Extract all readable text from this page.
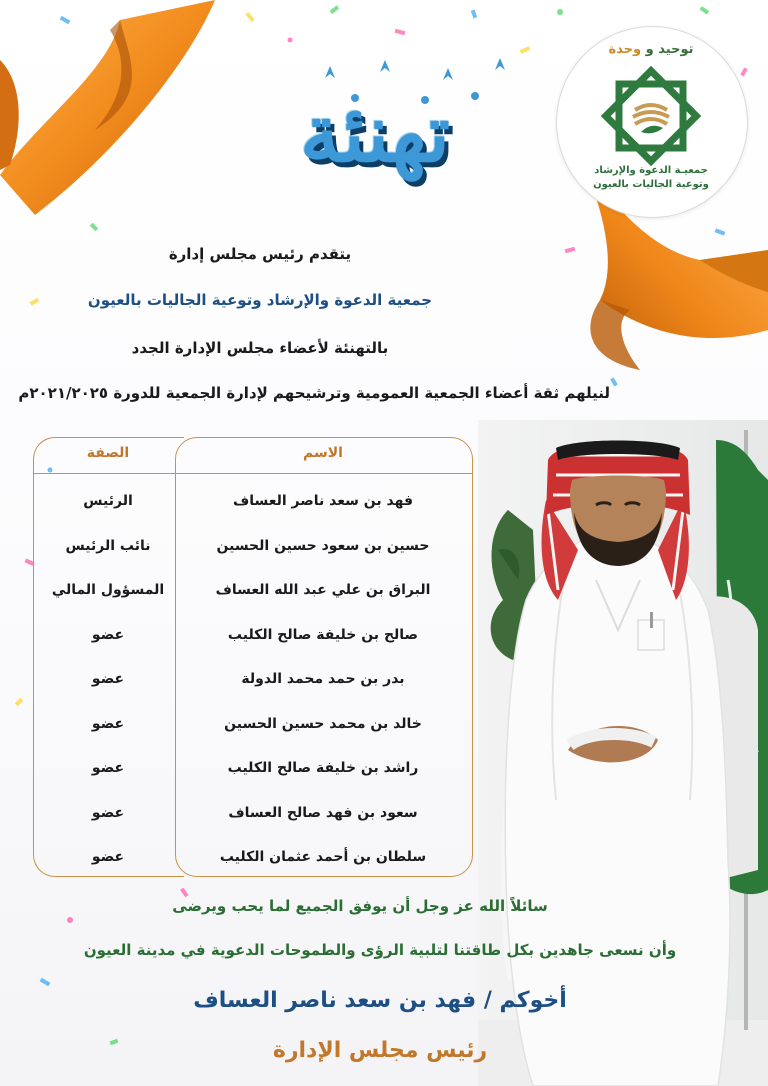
توحيد و وحدة
جمعيـة الدعوة والإرشاد
وتوعية الجاليات بالعيون
تهنئة
يتقدم رئيس مجلس إدارة
جمعية الدعوة والإرشاد وتوعية الجاليات بالعيون
بالتهنئة لأعضاء مجلس الإدارة الجدد
لنيلهم ثقة أعضاء الجمعية العمومية وترشيحهم لإدارة الجمعية للدورة ٢٠٢١/٢٠٢٥م
الاسم
الصفة
فهد بن سعد ناصر العساف
الرئيس
حسين بن سعود حسين الحسين
نائب الرئيس
البراق بن علي عبد الله العساف
المسؤول المالي
صالح بن خليفة صالح الكليب
عضو
بدر بن حمد محمد الدولة
عضو
خالد بن محمد حسين الحسين
عضو
راشد بن خليفة صالح الكليب
عضو
سعود بن فهد صالح العساف
عضو
سلطان بن أحمد عثمان الكليب
عضو
سائلاً الله عز وجل أن يوفق الجميع لما يحب ويرضى
وأن نسعى جاهدين بكل طاقتنا لتلبية الرؤى والطموحات الدعوية في مدينة العيون
أخوكم / فهد بن سعد ناصر العساف
رئيس مجلس الإدارة
